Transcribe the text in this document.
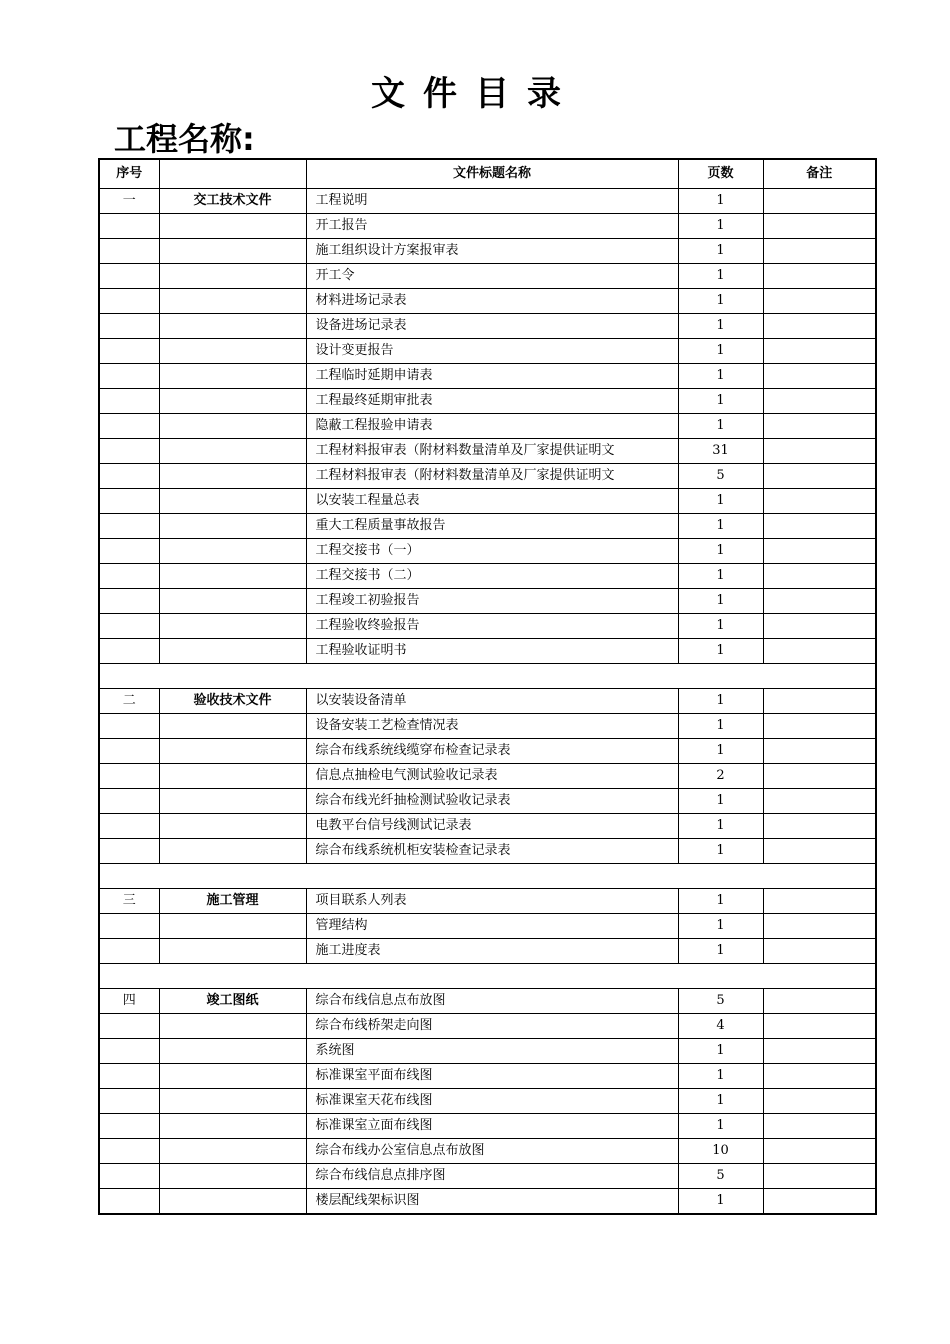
文件目录
工程名称:
序号		文件标题名称	页数	备注
一	交工技术文件	工程说明	1	
		开工报告	1	
		施工组织设计方案报审表	1	
		开工令	1	
		材料进场记录表	1	
		设备进场记录表	1	
		设计变更报告	1	
		工程临时延期申请表	1	
		工程最终延期审批表	1	
		隐蔽工程报验申请表	1	
		工程材料报审表（附材料数量清单及厂家提供证明文	31	
		工程材料报审表（附材料数量清单及厂家提供证明文	5	
		以安装工程量总表	1	
		重大工程质量事故报告	1	
		工程交接书（一）	1	
		工程交接书（二）	1	
		工程竣工初验报告	1	
		工程验收终验报告	1	
		工程验收证明书	1	

二	验收技术文件	以安装设备清单	1	
		设备安装工艺检查情况表	1	
		综合布线系统线缆穿布检查记录表	1	
		信息点抽检电气测试验收记录表	2	
		综合布线光纤抽检测试验收记录表	1	
		电教平台信号线测试记录表	1	
		综合布线系统机柜安装检查记录表	1	

三	施工管理	项目联系人列表	1	
		管理结构	1	
		施工进度表	1	

四	竣工图纸	综合布线信息点布放图	5	
		综合布线桥架走向图	4	
		系统图	1	
		标准课室平面布线图	1	
		标准课室天花布线图	1	
		标准课室立面布线图	1	
		综合布线办公室信息点布放图	10	
		综合布线信息点排序图	5	
		楼层配线架标识图	1	
